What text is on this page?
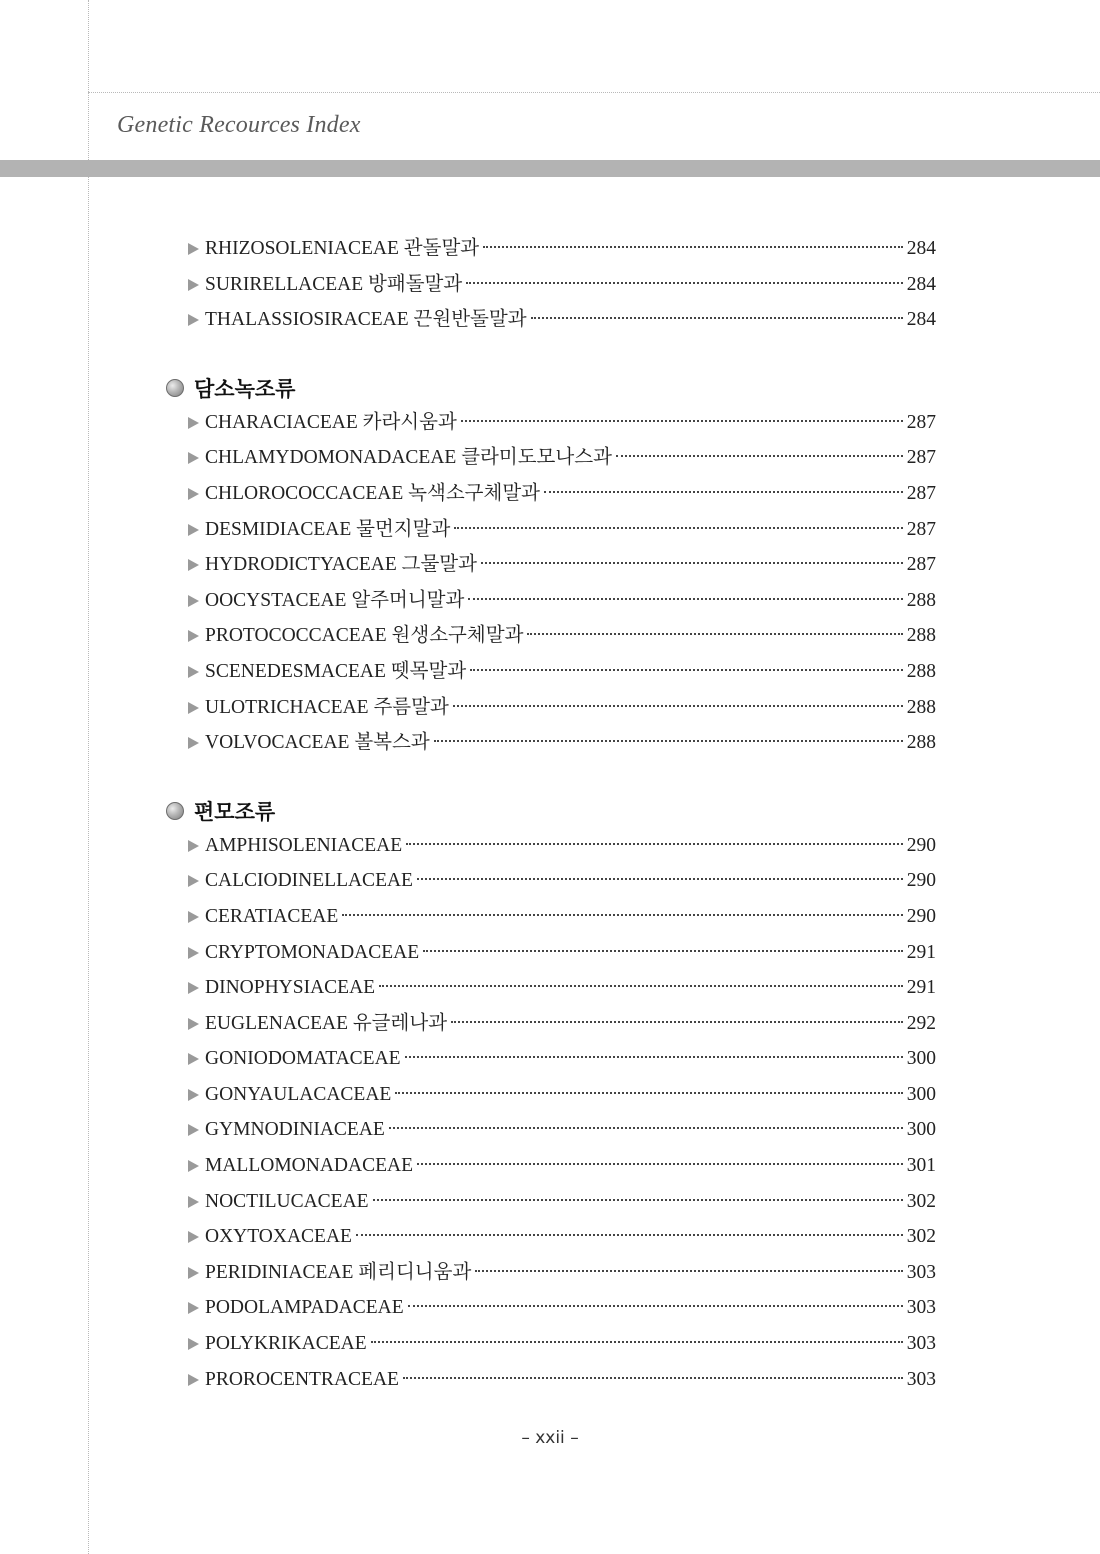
Genetic Recources Index
RHIZOSOLENIACEAE 관돌말과	284
SURIRELLACEAE 방패돌말과	284
THALASSIOSIRACEAE 끈원반돌말과	284
담소녹조류
CHARACIACEAE 카라시움과	287
CHLAMYDOMONADACEAE 클라미도모나스과	287
CHLOROCOCCACEAE 녹색소구체말과	287
DESMIDIACEAE 물먼지말과	287
HYDRODICTYACEAE 그물말과	287
OOCYSTACEAE 알주머니말과	288
PROTOCOCCACEAE 원생소구체말과	288
SCENEDESMACEAE 뗏목말과	288
ULOTRICHACEAE 주름말과	288
VOLVOCACEAE 볼복스과	288
편모조류
AMPHISOLENIACEAE	290
CALCIODINELLACEAE	290
CERATIACEAE	290
CRYPTOMONADACEAE	291
DINOPHYSIACEAE	291
EUGLENACEAE 유글레나과	292
GONIODOMATACEAE	300
GONYAULACACEAE	300
GYMNODINIACEAE	300
MALLOMONADACEAE	301
NOCTILUCACEAE	302
OXYTOXACEAE	302
PERIDINIACEAE 페리디니움과	303
PODOLAMPADACEAE	303
POLYKRIKACEAE	303
PROROCENTRACEAE	303
– xxii –
